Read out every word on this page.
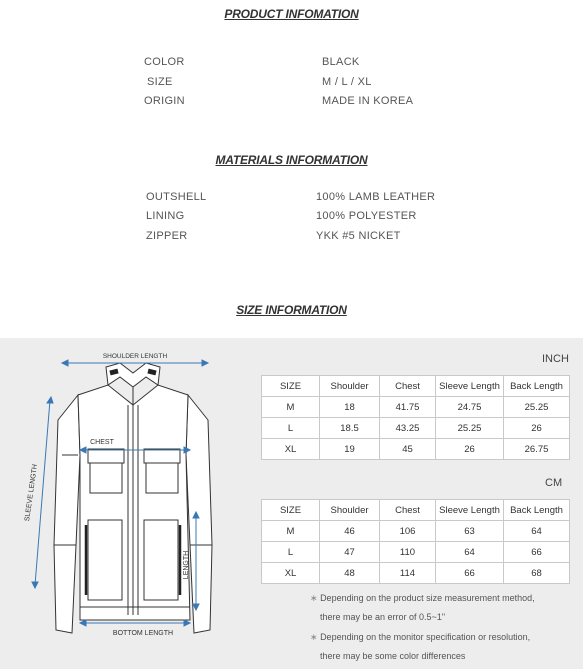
PRODUCT INFOMATION
COLOR	BLACK
SIZE	M / L / XL
ORIGIN	MADE IN KOREA
MATERIALS INFORMATION
OUTSHELL	100% LAMB LEATHER
LINING	100% POLYESTER
ZIPPER	YKK #5 NICKET
SIZE INFORMATION
SHOULDER LENGTH
CHEST
SLEEVE LENGTH
LENGTH
BOTTOM LENGTH
INCH
SIZE	Shoulder	Chest	Sleeve Length	Back Length
M	18	41.75	24.75	25.25
L	18.5	43.25	25.25	26
XL	19	45	26	26.75
CM
SIZE	Shoulder	Chest	Sleeve Length	Back Length
M	46	106	63	64
L	47	110	64	66
XL	48	114	66	68
∗ Depending on the product size measurement method,
there may be an error of 0.5~1"
∗ Depending on the monitor specification or resolution,
there may be some color differences
